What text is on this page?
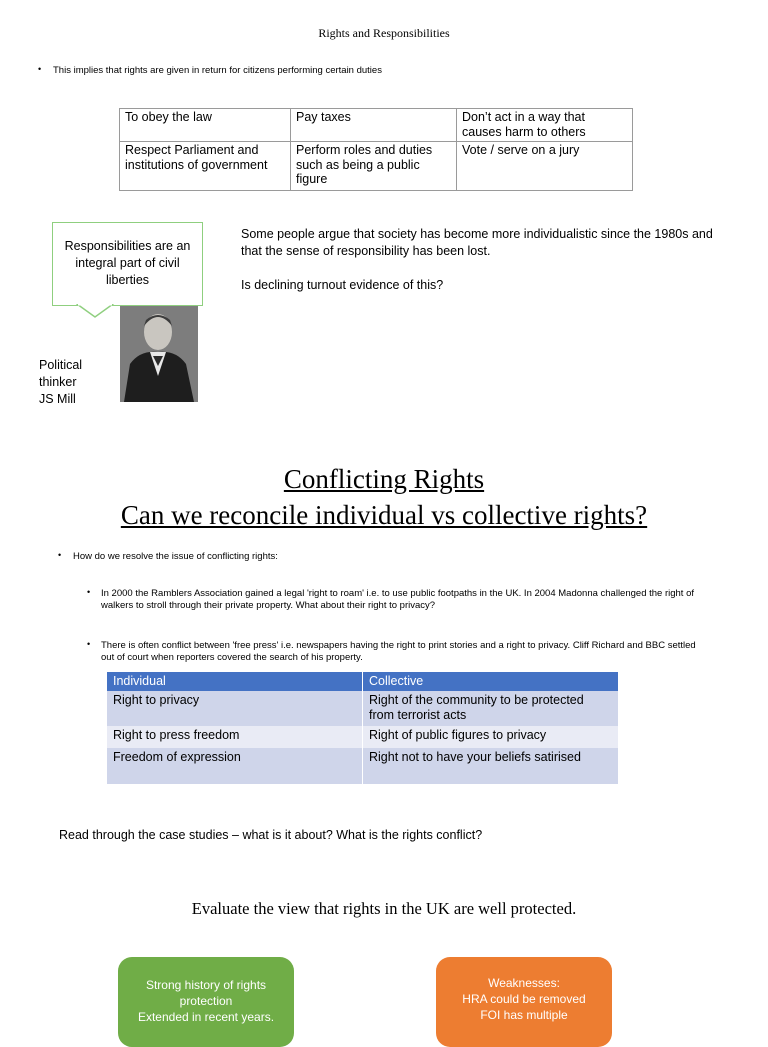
Rights and Responsibilities
• This implies that rights are given in return for citizens performing certain duties
To obey the law	Pay taxes	Don’t act in a way that causes harm to others
Respect Parliament and institutions of government	Perform roles and duties such as being a public figure	Vote / serve on a jury
Responsibilities are an integral part of civil liberties
Political
thinker
JS Mill
Some people argue that society has become more individualistic since the 1980s and that the sense of responsibility has been lost.
Is declining turnout evidence of this?
Conflicting Rights
Can we reconcile individual vs collective rights?
• How do we resolve the issue of conflicting rights:
• In 2000 the Ramblers Association gained a legal 'right to roam' i.e. to use public footpaths in the UK. In 2004 Madonna challenged the right of walkers to stroll through their private property. What about their right to privacy?
• There is often conflict between 'free press' i.e. newspapers having the right to print stories and a right to privacy. Cliff Richard and BBC settled out of court when reporters covered the search of his property.
Individual	Collective
Right to privacy	Right of the community to be protected from terrorist acts
Right to press freedom	Right of public figures to privacy
Freedom of expression	Right not to have your beliefs satirised
Read through the case studies – what is it about? What is the rights conflict?
Evaluate the view that rights in the UK are well protected.
Strong history of rights
protection
Extended in recent years.
Weaknesses:
HRA could be removed
FOI has multiple
